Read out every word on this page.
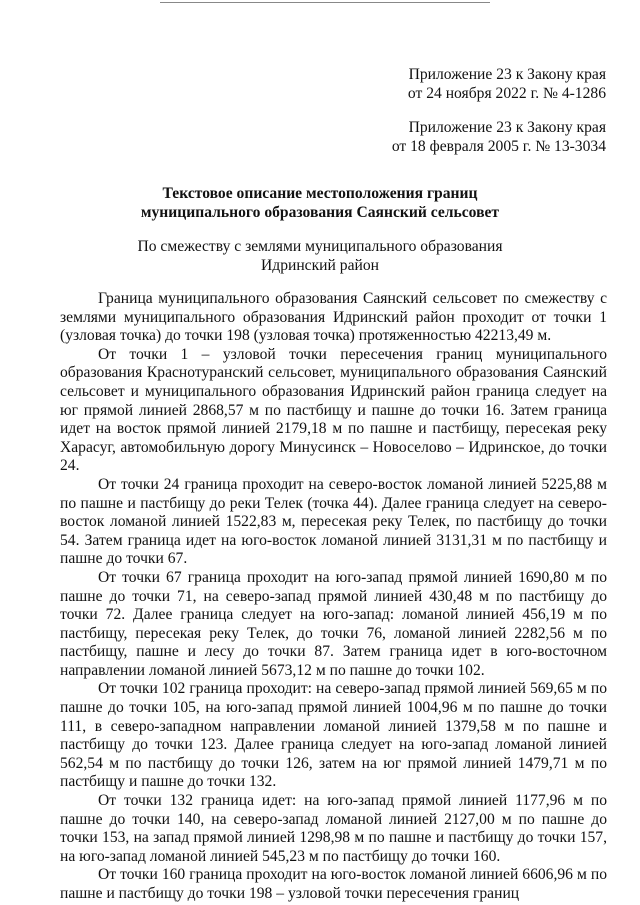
Приложение 23 к Закону края
от 24 ноября 2022 г. № 4-1286
Приложение 23 к Закону края
от 18 февраля 2005 г. № 13-3034
Текстовое описание местоположения границ
муниципального образования Саянский сельсовет
По смежеству с землями муниципального образования
Идринский район

Граница муниципального образования Саянский сельсовет по смежеству с землями муниципального образования Идринский район проходит от точки 1 (узловая точка) до точки 198 (узловая точка) протяженностью 42213,49 м.

От точки 1 – узловой точки пересечения границ муниципального образования Краснотуранский сельсовет, муниципального образования Саянский сельсовет и муниципального образования Идринский район граница следует на юг прямой линией 2868,57 м по пастбищу и пашне до точки 16. Затем граница идет на восток прямой линией 2179,18 м по пашне и пастбищу, пересекая реку Харасуг, автомобильную дорогу Минусинск – Новоселово – Идринское, до точки 24.

От точки 24 граница проходит на северо-восток ломаной линией 5225,88 м по пашне и пастбищу до реки Телек (точка 44). Далее граница следует на северо-восток ломаной линией 1522,83 м, пересекая реку Телек, по пастбищу до точки 54. Затем граница идет на юго-восток ломаной линией 3131,31 м по пастбищу и пашне до точки 67.

От точки 67 граница проходит на юго-запад прямой линией 1690,80 м по пашне до точки 71, на северо-запад прямой линией 430,48 м по пастбищу до точки 72. Далее граница следует на юго-запад: ломаной линией 456,19 м по пастбищу, пересекая реку Телек, до точки 76, ломаной линией 2282,56 м по пастбищу, пашне и лесу до точки 87. Затем граница идет в юго-восточном направлении ломаной линией 5673,12 м по пашне до точки 102.

От точки 102 граница проходит: на северо-запад прямой линией 569,65 м по пашне до точки 105, на юго-запад прямой линией 1004,96 м по пашне до точки 111, в северо-западном направлении ломаной линией 1379,58 м по пашне и пастбищу до точки 123. Далее граница следует на юго-запад ломаной линией 562,54 м по пастбищу до точки 126, затем на юг прямой линией 1479,71 м по пастбищу и пашне до точки 132.

От точки 132 граница идет: на юго-запад прямой линией 1177,96 м по пашне до точки 140, на северо-запад ломаной линией 2127,00 м по пашне до точки 153, на запад прямой линией 1298,98 м по пашне и пастбищу до точки 157, на юго-запад ломаной линией 545,23 м по пастбищу до точки 160.

От точки 160 граница проходит на юго-восток ломаной линией 6606,96 м по пашне и пастбищу до точки 198 – узловой точки пересечения границ
